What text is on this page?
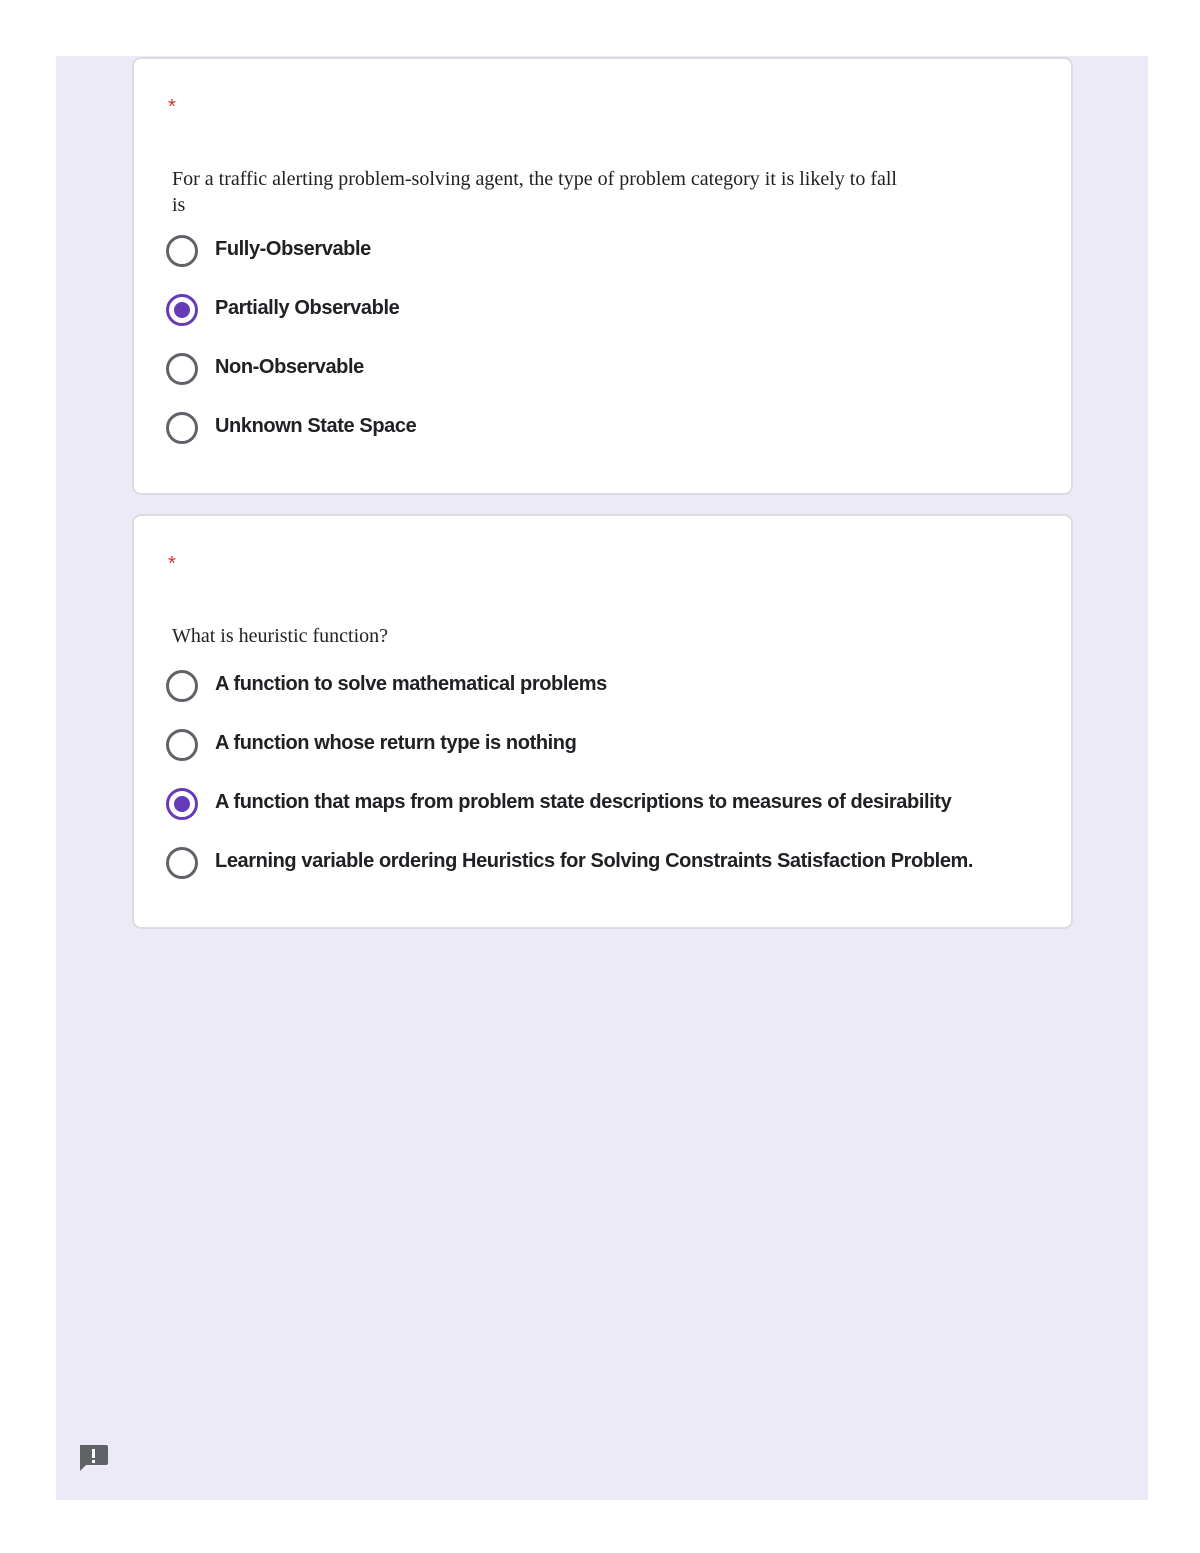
*
For a traffic alerting problem-solving agent, the type of problem category it is likely to fall is
Fully-Observable
Partially Observable
Non-Observable
Unknown State Space
*
What is heuristic function?
A function to solve mathematical problems
A function whose return type is nothing
A function that maps from problem state descriptions to measures of desirability
Learning variable ordering Heuristics for Solving Constraints Satisfaction Problem.
